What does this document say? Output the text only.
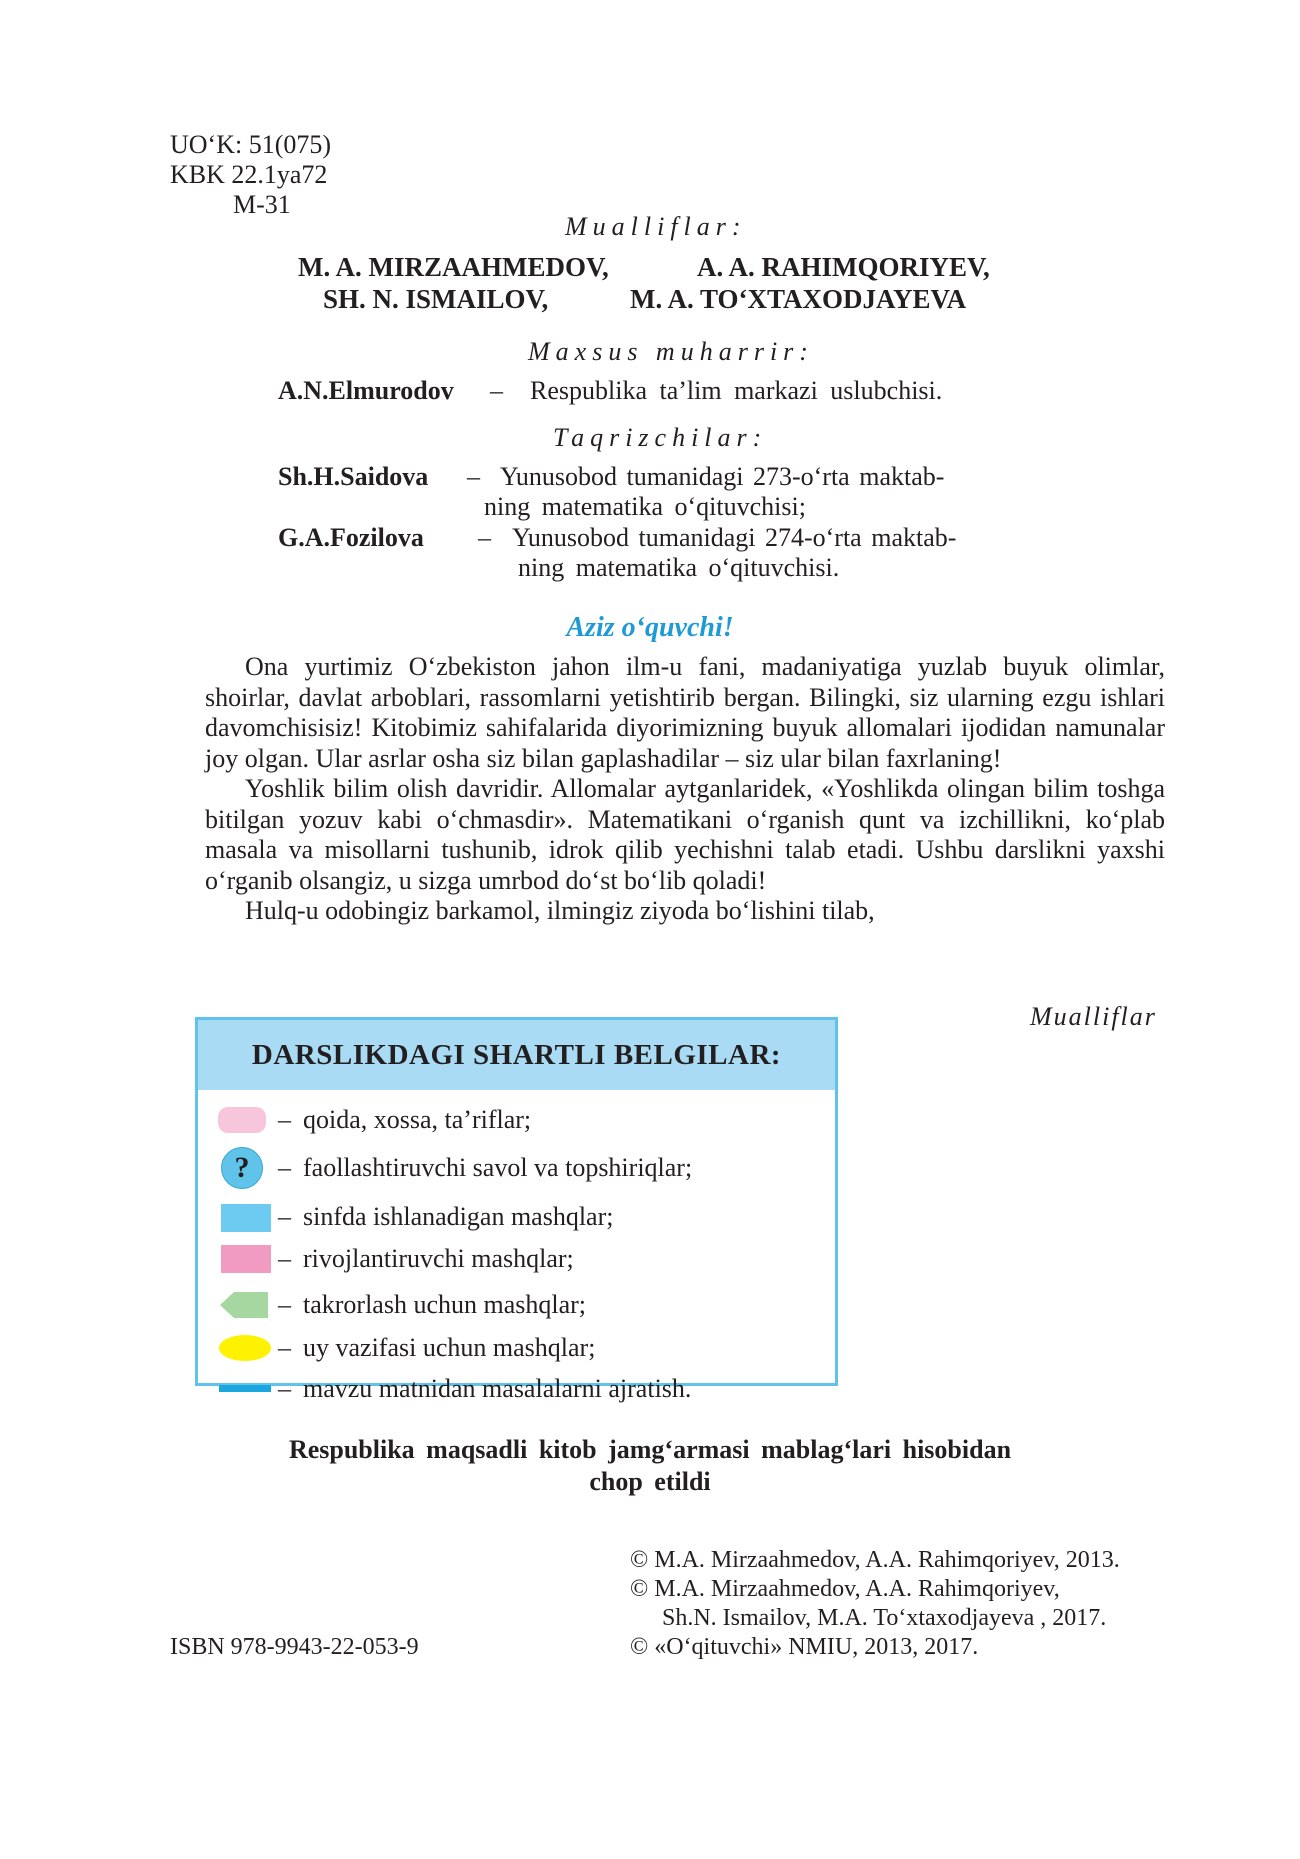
UO‘K: 51(075)
KBK 22.1ya72
M-31
Mualliflar:
M. A. MIRZAAHMEDOV,	A. A. RAHIMQORIYEV,
SH. N. ISMAILOV,	M. A. TO‘XTAXODJAYEVA
Maxsus muharrir:
A.N.Elmurodov – Respublika ta’lim markazi uslubchisi.
Taqrizchilar:
Sh.H.Saidova – Yunusobod tumanidagi 273-o‘rta maktab-
ning matematika o‘qituvchisi;
G.A.Fozilova – Yunusobod tumanidagi 274-o‘rta maktab-
ning matematika o‘qituvchisi.
Aziz o‘quvchi!

Ona yurtimiz O‘zbekiston jahon ilm-u fani, madaniyatiga yuzlab buyuk olimlar, shoirlar, davlat arboblari, rassomlarni yetishtirib bergan. Bilingki, siz ularning ezgu ishlari davomchisisiz! Kitobimiz sahifalarida diyorimizning buyuk allomalari ijodidan namunalar joy olgan. Ular asrlar osha siz bilan gaplashadilar – siz ular bilan faxrlaning!

Yoshlik bilim olish davridir. Allomalar aytganlaridek, «Yoshlikda olingan bilim toshga bitilgan yozuv kabi o‘chmasdir». Matematikani o‘rganish qunt va izchillikni, ko‘plab masala va misollarni tushunib, idrok qilib yechishni talab etadi. Ushbu darslikni yaxshi o‘rganib olsangiz, u sizga umrbod do‘st bo‘lib qoladi!

Hulq-u odobingiz barkamol, ilmingiz ziyoda bo‘lishini tilab,

Mualliflar
DARSLIKDAGI SHARTLI BELGILAR:
– qoida, xossa, ta’riflar;
?	– faollashtiruvchi savol va topshiriqlar;
– sinfda ishlanadigan mashqlar;
– rivojlantiruvchi mashqlar;
– takrorlash uchun mashqlar;
– uy vazifasi uchun mashqlar;
– mavzu matnidan masalalarni ajratish.
Respublika maqsadli kitob jamg‘armasi mablag‘lari hisobidan
chop etildi
© M.A. Mirzaahmedov, A.A. Rahimqoriyev, 2013.
© M.A. Mirzaahmedov, A.A. Rahimqoriyev,
Sh.N. Ismailov, M.A. To‘xtaxodjayeva , 2017.
© «O‘qituvchi» NMIU, 2013, 2017.
ISBN 978-9943-22-053-9
